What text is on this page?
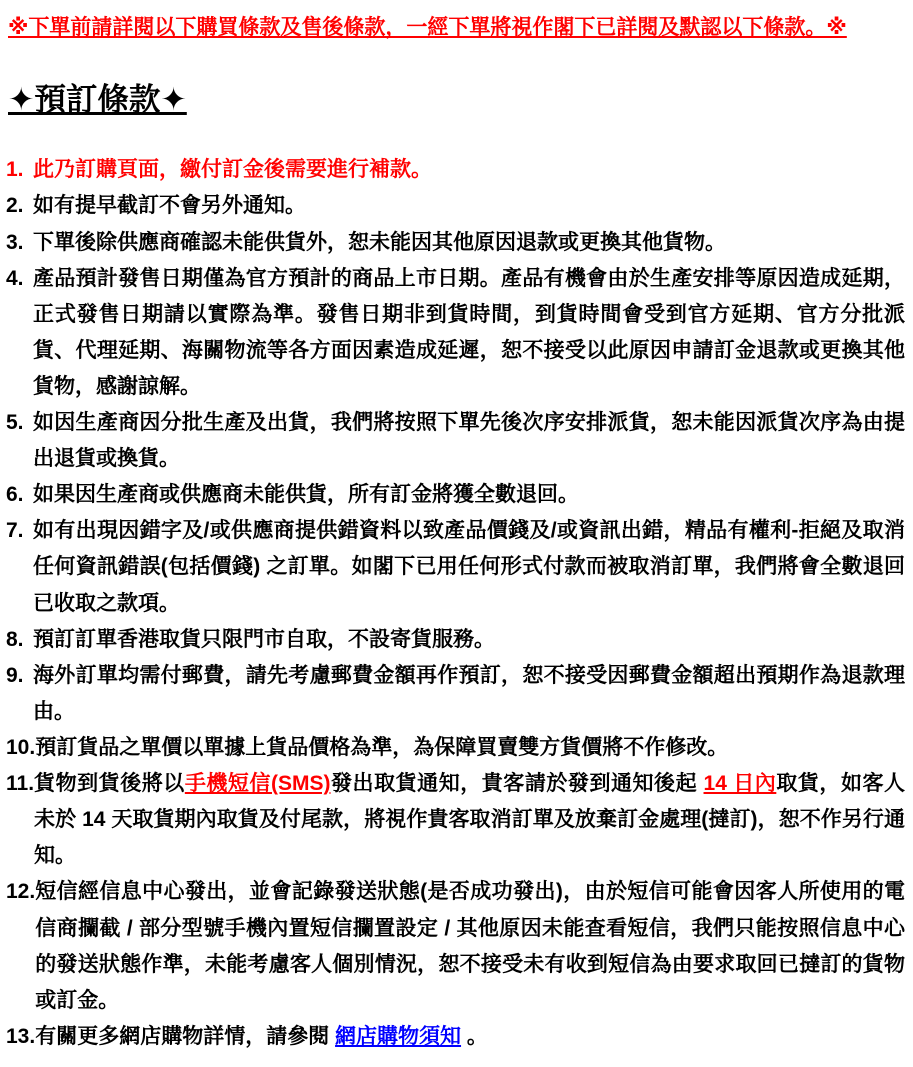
※下單前請詳閱以下購買條款及售後條款，一經下單將視作閣下已詳閱及默認以下條款。※

✦預訂條款✦
1. 此乃訂購頁面，繳付訂金後需要進行補款。
2. 如有提早截訂不會另外通知。
3. 下單後除供應商確認未能供貨外，恕未能因其他原因退款或更換其他貨物。
4. 產品預計發售日期僅為官方預計的商品上市日期。產品有機會由於生產安排等原因造成延期，正式發售日期請以實際為準。發售日期非到貨時間，到貨時間會受到官方延期、官方分批派貨、代理延期、海關物流等各方面因素造成延遲，恕不接受以此原因申請訂金退款或更換其他貨物，感謝諒解。
5. 如因生產商因分批生產及出貨，我們將按照下單先後次序安排派貨，恕未能因派貨次序為由提出退貨或換貨。
6. 如果因生產商或供應商未能供貨，所有訂金將獲全數退回。
7. 如有出現因錯字及/或供應商提供錯資料以致產品價錢及/或資訊出錯，精品有權利-拒絕及取消任何資訊錯誤(包括價錢) 之訂單。如閣下已用任何形式付款而被取消訂單，我們將會全數退回已收取之款項。
8. 預訂訂單香港取貨只限門市自取，不設寄貨服務。
9. 海外訂單均需付郵費，請先考慮郵費金額再作預訂，恕不接受因郵費金額超出預期作為退款理由。
10. 預訂貨品之單價以單據上貨品價格為準，為保障買賣雙方貨價將不作修改。
11. 貨物到貨後將以手機短信(SMS)發出取貨通知，貴客請於發到通知後起 14 日內取貨，如客人未於 14 天取貨期內取貨及付尾款，將視作貴客取消訂單及放棄訂金處理(撻訂)，恕不作另行通知。
12. 短信經信息中心發出，並會記錄發送狀態(是否成功發出)，由於短信可能會因客人所使用的電信商攔截 / 部分型號手機內置短信攔置設定 / 其他原因未能查看短信，我們只能按照信息中心的發送狀態作準，未能考慮客人個別情況，恕不接受未有收到短信為由要求取回已撻訂的貨物或訂金。
13. 有關更多網店購物詳情，請參閱 網店購物須知 。
